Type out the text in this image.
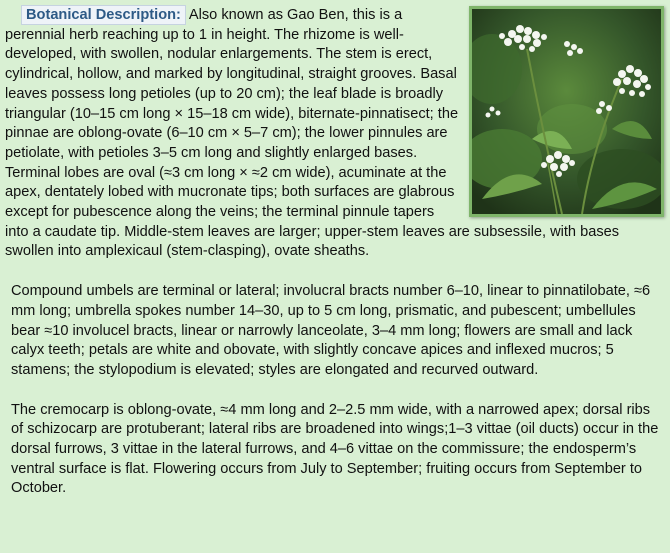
Botanical Description: Also known as Gao Ben, this is a perennial herb reaching up to 1 in height. The rhizome is well-developed, with swollen, nodular enlargements. The stem is erect, cylindrical, hollow, and marked by longitudinal, straight grooves. Basal leaves possess long petioles (up to 20 cm); the leaf blade is broadly triangular (10–15 cm long × 15–18 cm wide), biternate-pinnatisect; the pinnae are oblong-ovate (6–10 cm × 5–7 cm); the lower pinnules are petiolate, with petioles 3–5 cm long and slightly enlarged bases. Terminal lobes are oval (≈3 cm long × ≈2 cm wide), acuminate at the apex, dentately lobed with mucronate tips; both surfaces are glabrous except for pubescence along the veins; the terminal pinnule tapers into a caudate tip. Middle-stem leaves are larger; upper-stem leaves are subsessile, with bases swollen into amplexicaul (stem-clasping), ovate sheaths.

Compound umbels are terminal or lateral; involucral bracts number 6–10, linear to pinnatilobate, ≈6 mm long; umbrella spokes number 14–30, up to 5 cm long, prismatic, and pubescent; umbellules bear ≈10 involucel bracts, linear or narrowly lanceolate, 3–4 mm long; flowers are small and lack calyx teeth; petals are white and obovate, with slightly concave apices and inflexed mucros; 5 stamens; the stylopodium is elevated; styles are elongated and recurved outward.

The cremocarp is oblong-ovate, ≈4 mm long and 2–2.5 mm wide, with a narrowed apex; dorsal ribs of schizocarp are protuberant; lateral ribs are broadened into wings;1–3 vittae (oil ducts) occur in the dorsal furrows, 3 vittae in the lateral furrows, and 4–6 vittae on the commissure; the endosperm’s ventral surface is flat. Flowering occurs from July to September; fruiting occurs from September to October.
